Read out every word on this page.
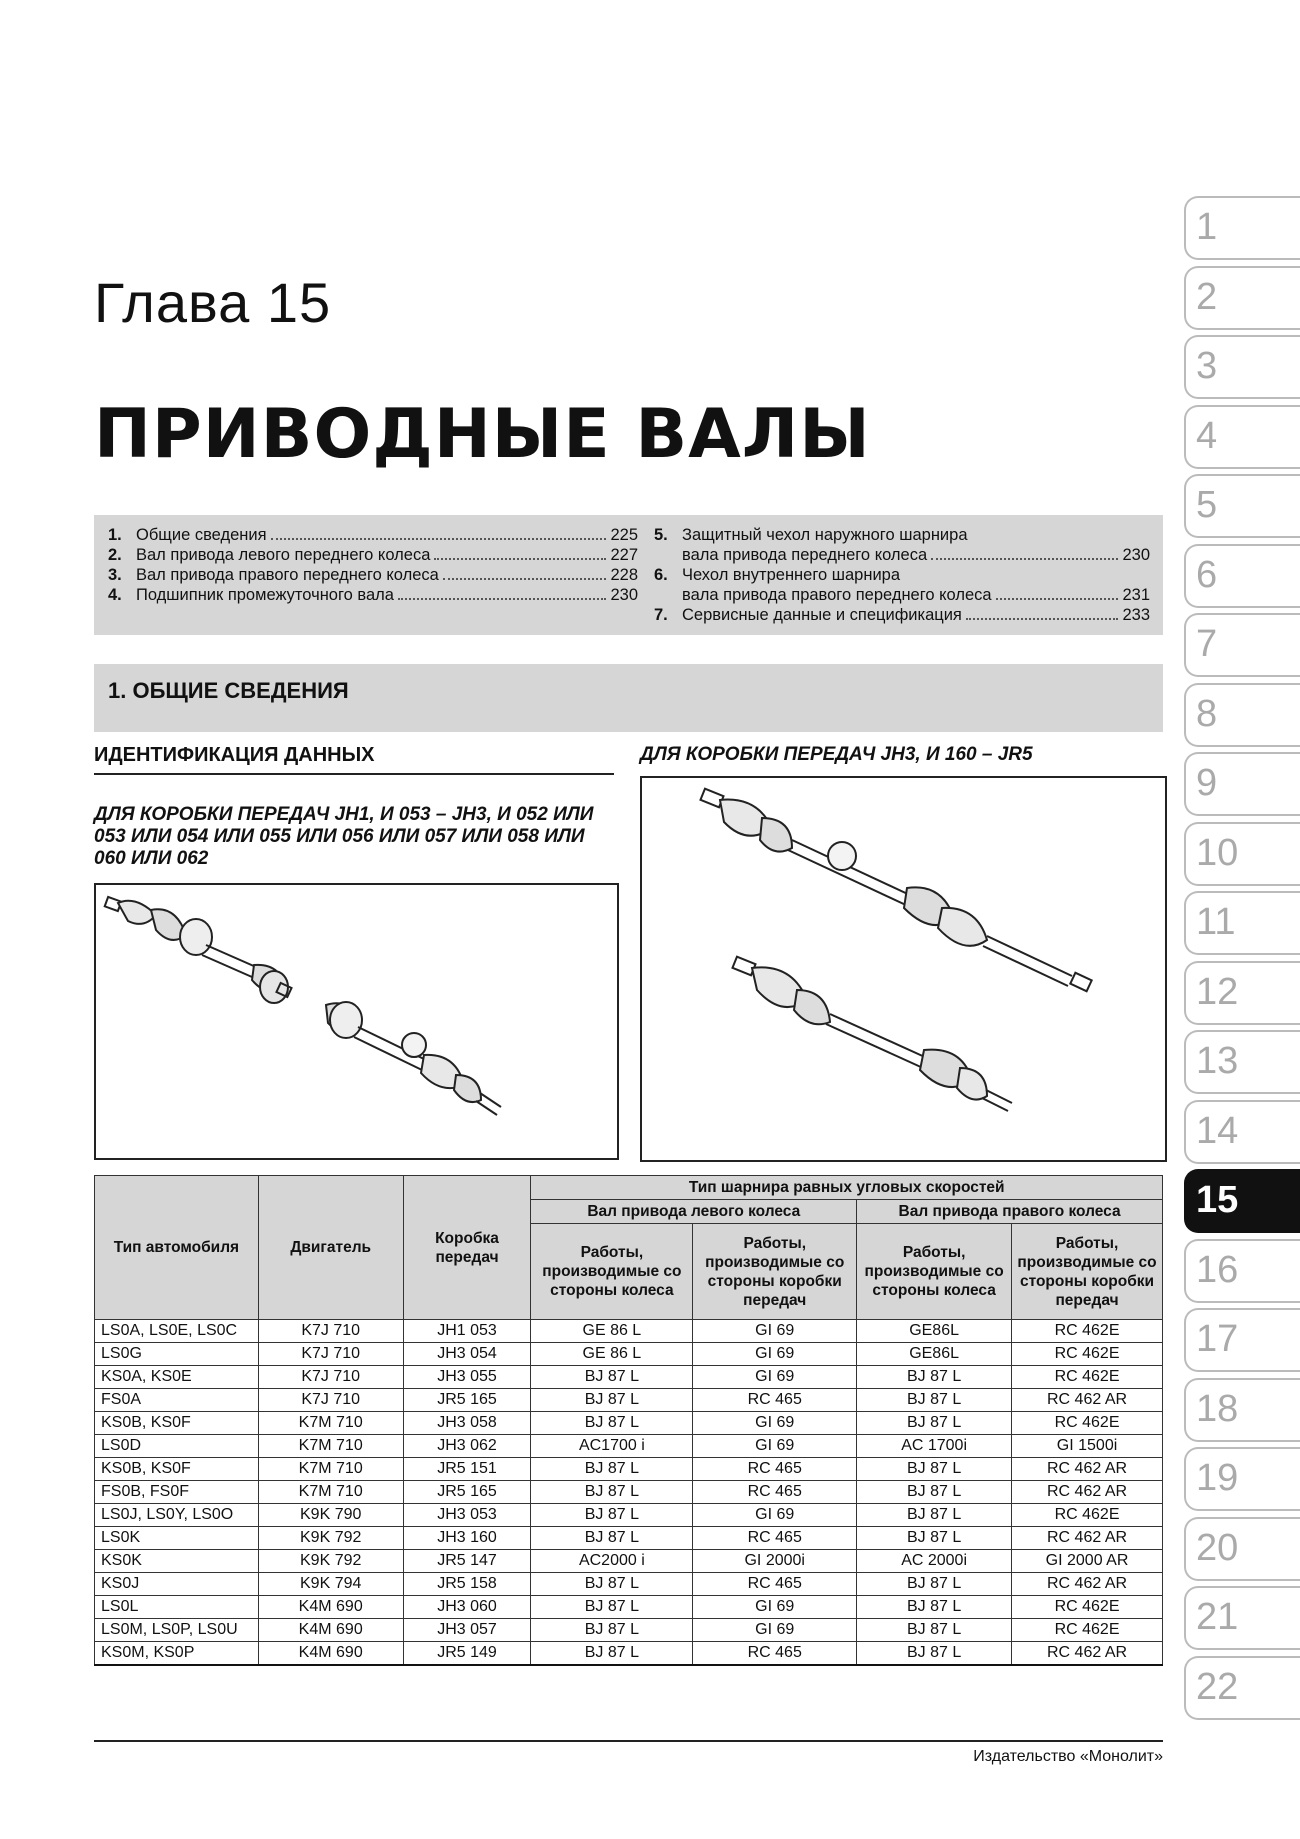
Глава 15
ПРИВОДНЫЕ ВАЛЫ
1. Общие сведения	225
2. Вал привода левого переднего колеса	227
3. Вал привода правого переднего колеса	228
4. Подшипник промежуточного вала	230
5. Защитный чехол наружного шарнира
вала привода переднего колеса	230
6. Чехол внутреннего шарнира
вала привода правого переднего колеса	231
7. Сервисные данные и спецификация	233
1. ОБЩИЕ СВЕДЕНИЯ
ИДЕНТИФИКАЦИЯ ДАННЫХ	ДЛЯ КОРОБКИ ПЕРЕДАЧ JH3, И 160 – JR5
ДЛЯ КОРОБКИ ПЕРЕДАЧ JH1, И 053 – JH3, И 052 ИЛИ 053 ИЛИ 054 ИЛИ 055 ИЛИ 056 ИЛИ 057 ИЛИ 058 ИЛИ 060 ИЛИ 062
Тип автомобиля	Двигатель	Коробка передач	Тип шарнира равных угловых скоростей			
			Вал привода левого колеса		Вал привода правого колеса	
			Работы, производимые со стороны колеса	Работы, производимые со стороны коробки передач	Работы, производимые со стороны колеса	Работы, производимые со стороны коробки передач
LS0A, LS0E, LS0C	K7J 710	JH1 053	GE 86 L	GI 69	GE86L	RC 462E
LS0G	K7J 710	JH3 054	GE 86 L	GI 69	GE86L	RC 462E
KS0A, KS0E	K7J 710	JH3 055	BJ 87 L	GI 69	BJ 87 L	RC 462E
FS0A	K7J 710	JR5 165	BJ 87 L	RC 465	BJ 87 L	RC 462 AR
KS0B, KS0F	K7M 710	JH3 058	BJ 87 L	GI 69	BJ 87 L	RC 462E
LS0D	K7M 710	JH3 062	AC1700 i	GI 69	AC 1700i	GI 1500i
KS0B, KS0F	K7M 710	JR5 151	BJ 87 L	RC 465	BJ 87 L	RC 462 AR
FS0B, FS0F	K7M 710	JR5 165	BJ 87 L	RC 465	BJ 87 L	RC 462 AR
LS0J, LS0Y, LS0O	K9K 790	JH3 053	BJ 87 L	GI 69	BJ 87 L	RC 462E
LS0K	K9K 792	JH3 160	BJ 87 L	RC 465	BJ 87 L	RC 462 AR
KS0K	K9K 792	JR5 147	AC2000 i	GI 2000i	AC 2000i	GI 2000 AR
KS0J	K9K 794	JR5 158	BJ 87 L	RC 465	BJ 87 L	RC 462 AR
LS0L	K4M 690	JH3 060	BJ 87 L	GI 69	BJ 87 L	RC 462E
LS0M, LS0P, LS0U	K4M 690	JH3 057	BJ 87 L	GI 69	BJ 87 L	RC 462E
KS0M, KS0P	K4M 690	JR5 149	BJ 87 L	RC 465	BJ 87 L	RC 462 AR
1
2
3
4
5
6
7
8
9
10
11
12
13
14
15
16
17
18
19
20
21
22
Издательство «Монолит»
